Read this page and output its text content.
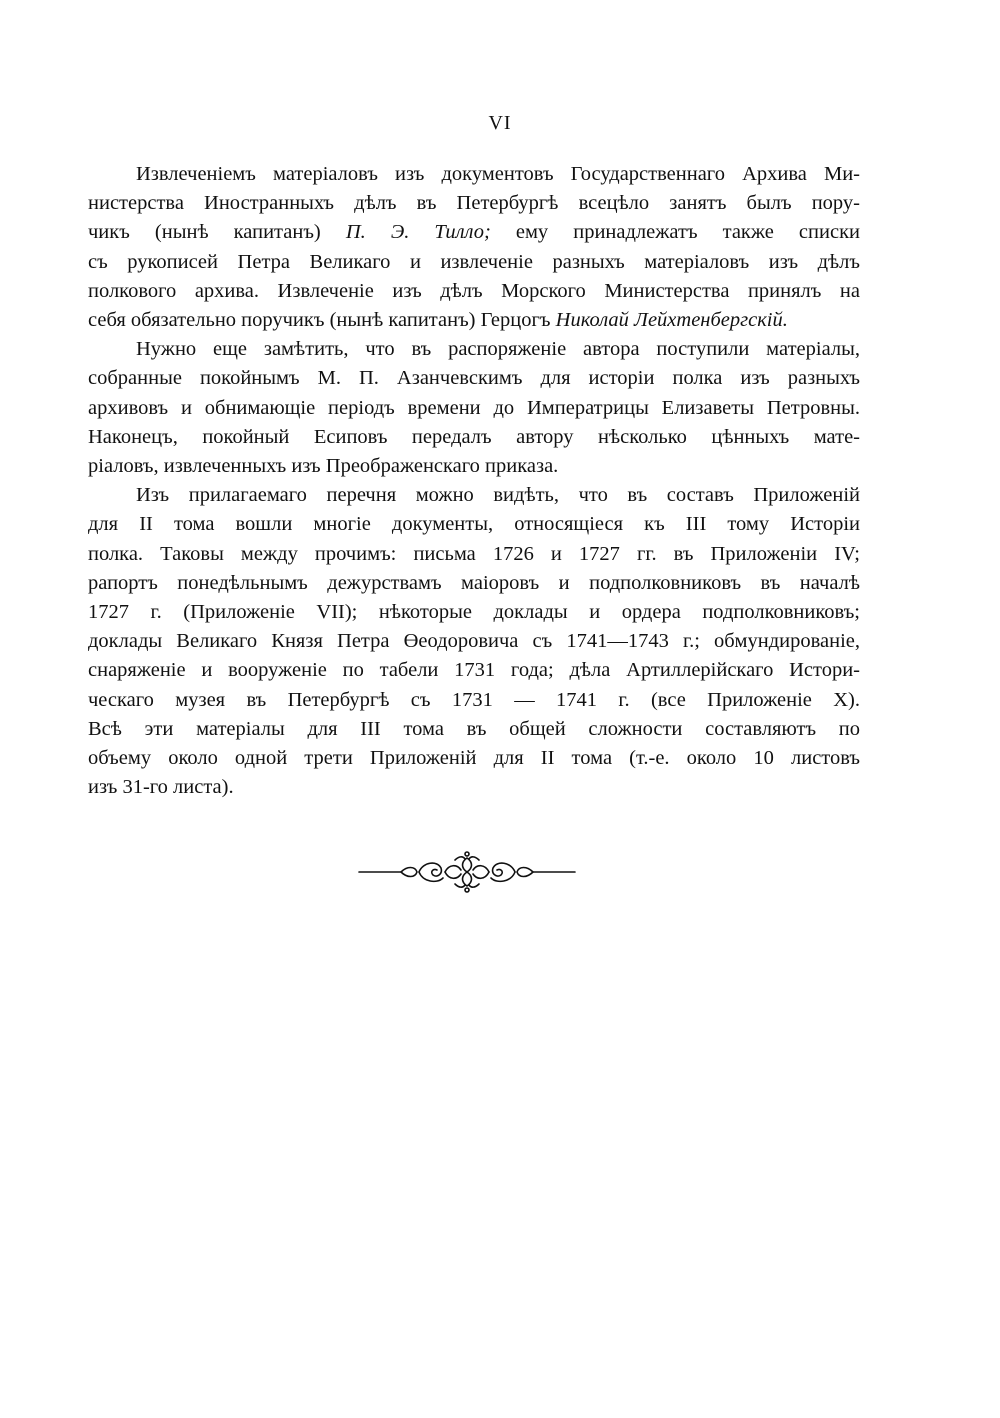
VI
Извлеченіемъ матеріаловъ изъ документовъ Государственнаго Архива Ми-
нистерства Иностранныхъ дѣлъ въ Петербургѣ всецѣло занятъ былъ пору-
чикъ (нынѣ капитанъ) П. Э. Тилло; ему принадлежатъ также списки
съ рукописей Петра Великаго и извлеченіе разныхъ матеріаловъ изъ дѣлъ
полкового архива. Извлеченіе изъ дѣлъ Морского Министерства принялъ на
себя обязательно поручикъ (нынѣ капитанъ) Герцогъ Николай Лейхтенбергскій.
Нужно еще замѣтить, что въ распоряженіе автора поступили матеріалы,
собранные покойнымъ М. П. Азанчевскимъ для исторіи полка изъ разныхъ
архивовъ и обнимающіе періодъ времени до Императрицы Елизаветы Петровны.
Наконецъ, покойный Есиповъ передалъ автору нѣсколько цѣнныхъ мате-
ріаловъ, извлеченныхъ изъ Преображенскаго приказа.
Изъ прилагаемаго перечня можно видѣть, что въ составъ Приложеній
для II тома вошли многіе документы, относящіеся къ III тому Исторіи
полка. Таковы между прочимъ: письма 1726 и 1727 гг. въ Приложеніи IV;
рапортъ понедѣльнымъ дежурствамъ маіоровъ и подполковниковъ въ началѣ
1727 г. (Приложеніе VII); нѣкоторые доклады и ордера подполковниковъ;
доклады Великаго Князя Петра Өеодоровича съ 1741—1743 г.; обмундированіе,
снаряженіе и вооруженіе по табели 1731 года; дѣла Артиллерійскаго Истори-
ческаго музея въ Петербургѣ съ 1731 — 1741 г. (все Приложеніе X).
Всѣ эти матеріалы для III тома въ общей сложности составляютъ по
объему около одной трети Приложеній для II тома (т.-е. около 10 листовъ
изъ 31-го листа).
